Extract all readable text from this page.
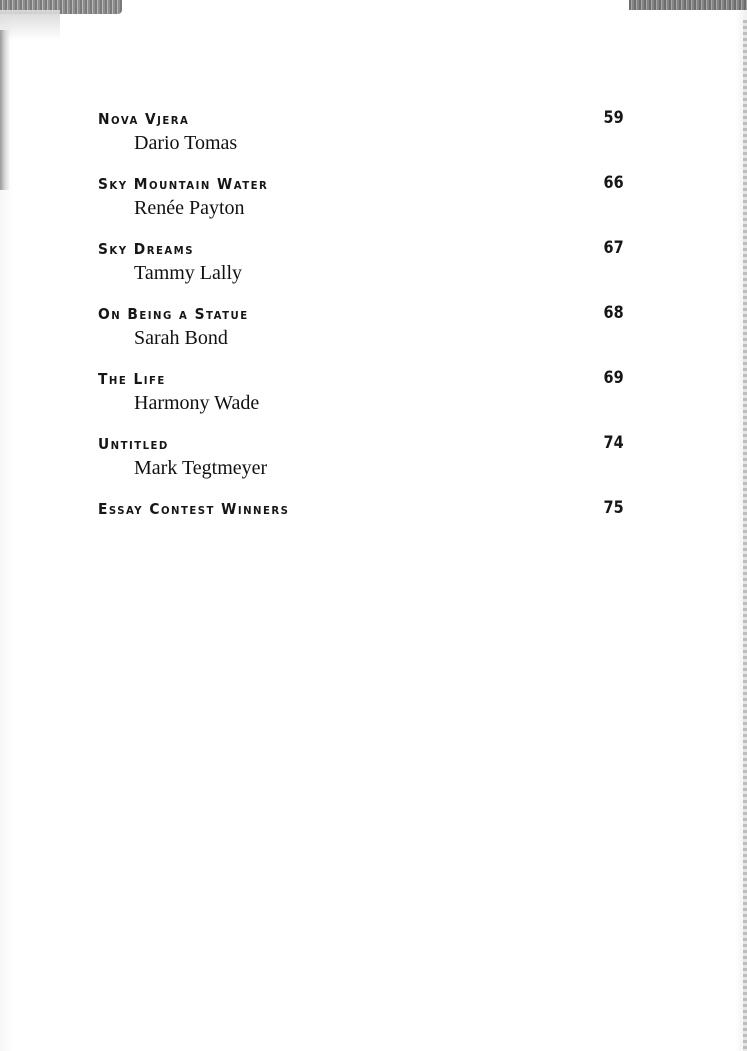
Nova Vjera	59
Dario Tomas
Sky Mountain Water	66
Renée Payton
Sky Dreams	67
Tammy Lally
On Being a Statue	68
Sarah Bond
The Life	69
Harmony Wade
Untitled	74
Mark Tegtmeyer
Essay Contest Winners	75
